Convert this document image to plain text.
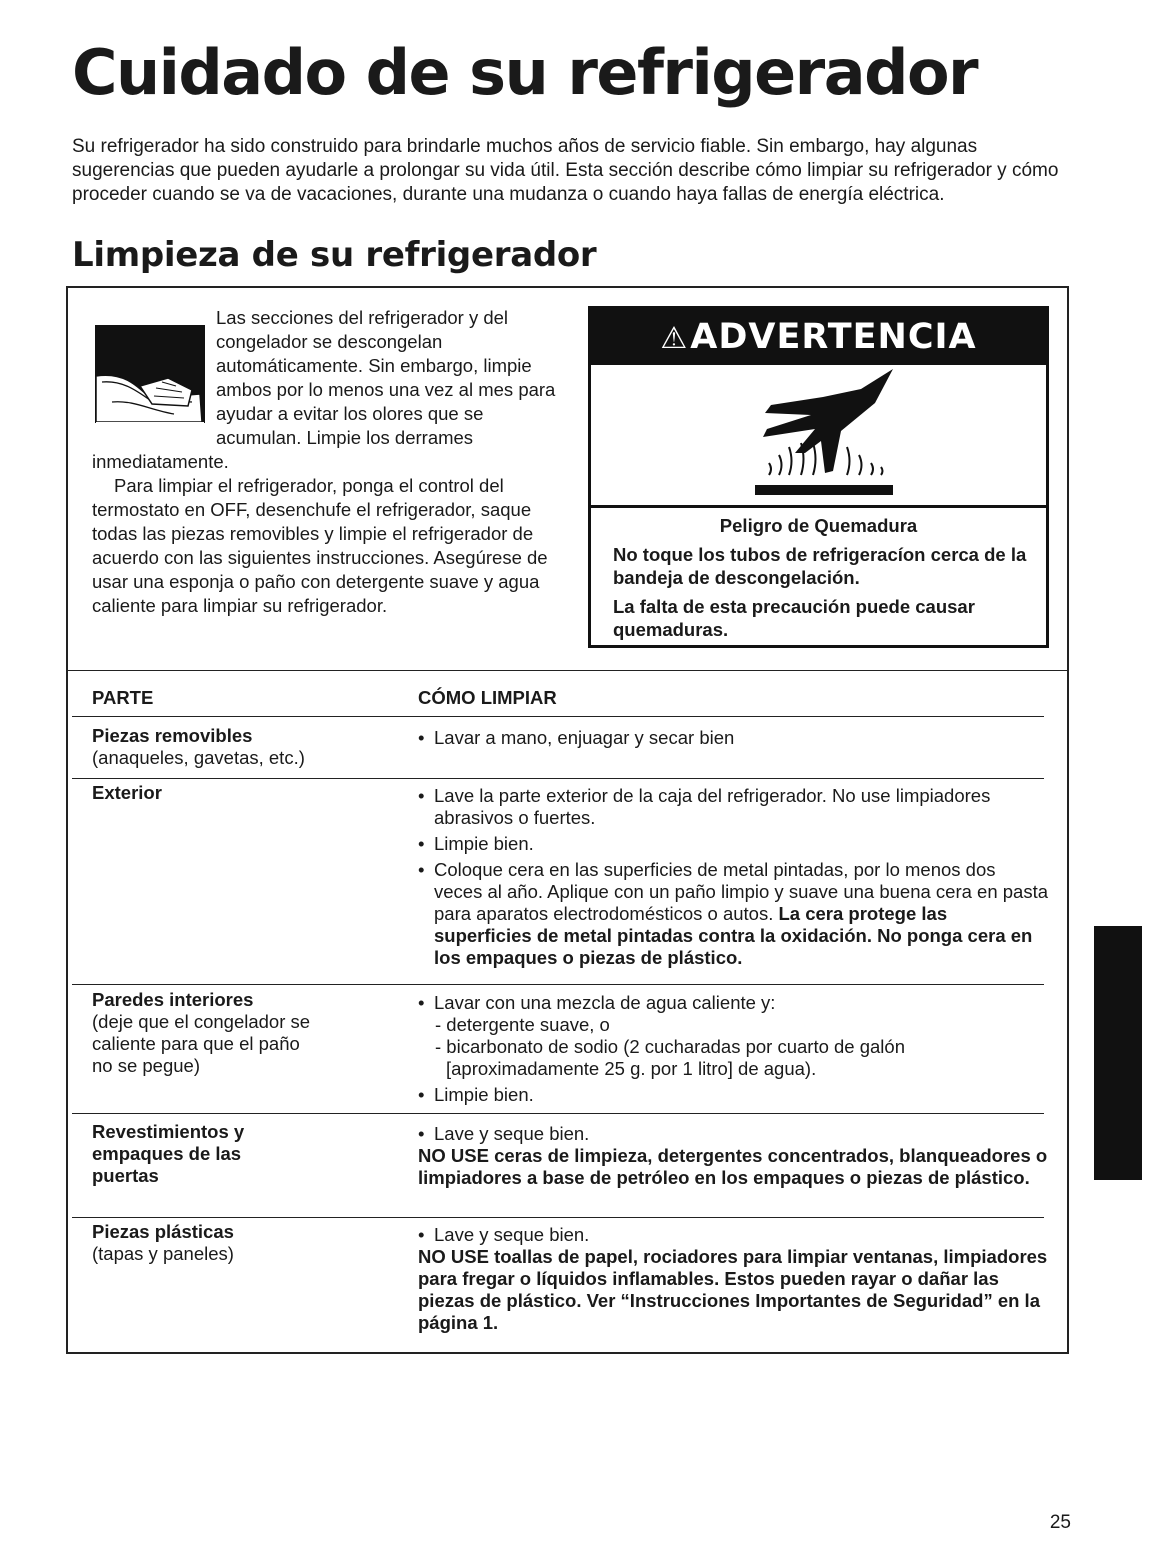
Cuidado de su refrigerador

Su refrigerador ha sido construido para brindarle muchos años de servicio fiable. Sin embargo, hay algunas sugerencias que pueden ayudarle a prolongar su vida útil. Esta sección describe cómo limpiar su refrigerador y cómo proceder cuando se va de vacaciones, durante una mudanza o cuando haya fallas de energía eléctrica.

Limpieza de su refrigerador
Las secciones del refrigerador y del congelador se descongelan automáticamente. Sin embargo, limpie ambos por lo menos una vez al mes para ayudar a evitar los olores que se acumulan. Limpie los derrames inmediatamente.
Para limpiar el refrigerador, ponga el control del termostato en OFF, desenchufe el refrigerador, saque todas las piezas removibles y limpie el refrigerador de acuerdo con las siguientes instrucciones. Asegúrese de usar una esponja o paño con detergente suave y agua caliente para limpiar su refrigerador.
⚠ADVERTENCIA

Peligro de Quemadura

No toque los tubos de refrigeracíon cerca de la bandeja de descongelación.

La falta de esta precaución puede causar quemaduras.

PARTE	CÓMO LIMPIAR
Piezas removibles
(anaqueles, gavetas, etc.)
• Lavar a mano, enjuagar y secar bien
Exterior
•	Lave la parte exterior de la caja del refrigerador. No use limpiadores abrasivos o fuertes.
• Limpie bien.
• Coloque cera en las superficies de metal pintadas, por lo menos dos veces al año. Aplique con un paño limpio y suave una buena cera en pasta para aparatos electrodomésticos o autos. La cera protege las superficies de metal pintadas contra la oxidación. No ponga cera en los empaques o piezas de plástico.
Paredes interiores
(deje que el congelador se caliente para que el paño no se pegue)
• Lavar con una mezcla de agua caliente y:
- detergente suave, o
- bicarbonato de sodio (2 cucharadas por cuarto de galón [aproximadamente 25 g. por 1 litro] de agua).
• Limpie bien.
Revestimientos y empaques de las puertas
• Lave y seque bien.
NO USE ceras de limpieza, detergentes concentrados, blanqueadores o limpiadores a base de petróleo en los empaques o piezas de plástico.
Piezas plásticas
(tapas y paneles)
• Lave y seque bien.
NO USE toallas de papel, rociadores para limpiar ventanas, limpiadores para fregar o líquidos inflamables. Estos pueden rayar o dañar las piezas de plástico. Ver “Instrucciones Importantes de Seguridad” en la página 1.
25
